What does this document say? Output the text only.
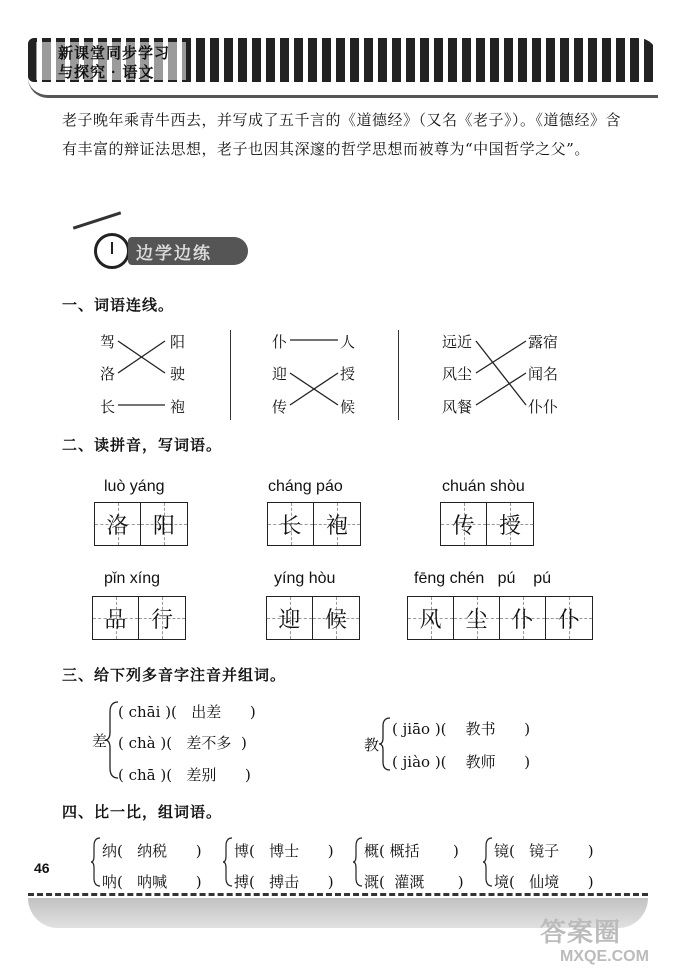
新课堂同步学习
与探究 · 语文
老子晚年乘青牛西去，并写成了五千言的《道德经》（又名《老子》）。《道德经》含有丰富的辩证法思想，老子也因其深邃的哲学思想而被尊为“中国哲学之父”。
边学边练
一、词语连线。
驾
洛
长
阳
驶
袍
仆
迎
传
人
授
候
远近
风尘
风餐
露宿
闻名
仆仆
二、读拼音，写词语。
luò yáng
洛 阳
cháng páo
长 袍
chuán shòu
传 授
pǐn xíng
品 行
yíng hòu
迎 候
fēng chén   pú    pú
风 尘 仆 仆
三、给下列多音字注音并组词。
差
( chāi )(   出差      )
( chà )(   差不多  )
( chā )(   差别      )
教
( jiāo )(    教书      )
( jiào )(    教师      )
四、比一比，组词语。
纳(   纳税      )
呐(   呐喊      )
博(   博士      )
搏(   搏击      )
概( 概括       )
溉(  灌溉       )
镜(   镜子      )
境(   仙境      )
46
答案圈
MXQE.COM
